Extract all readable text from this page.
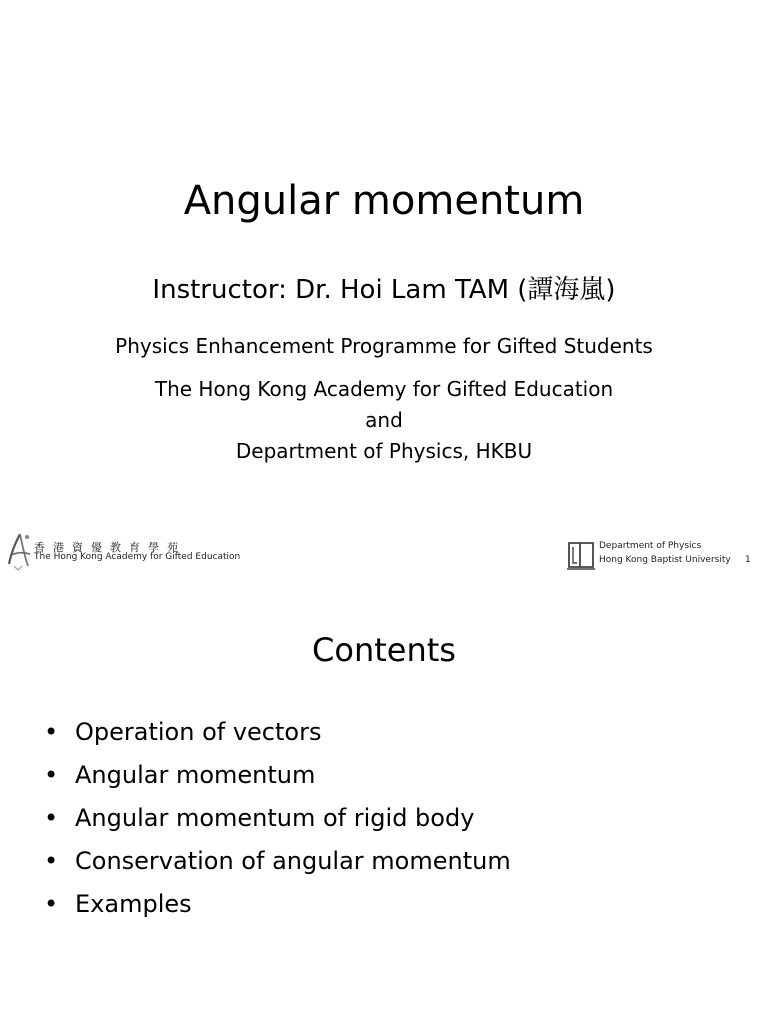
Angular momentum
Instructor: Dr. Hoi Lam TAM (譚海嵐)
Physics Enhancement Programme for Gifted Students
The Hong Kong Academy for Gifted Education
and
Department of Physics, HKBU
香港資優教育學苑
The Hong Kong Academy for Gifted Education
Department of Physics
Hong Kong Baptist University 1
Contents
• Operation of vectors
• Angular momentum
• Angular momentum of rigid body
• Conservation of angular momentum
• Examples
